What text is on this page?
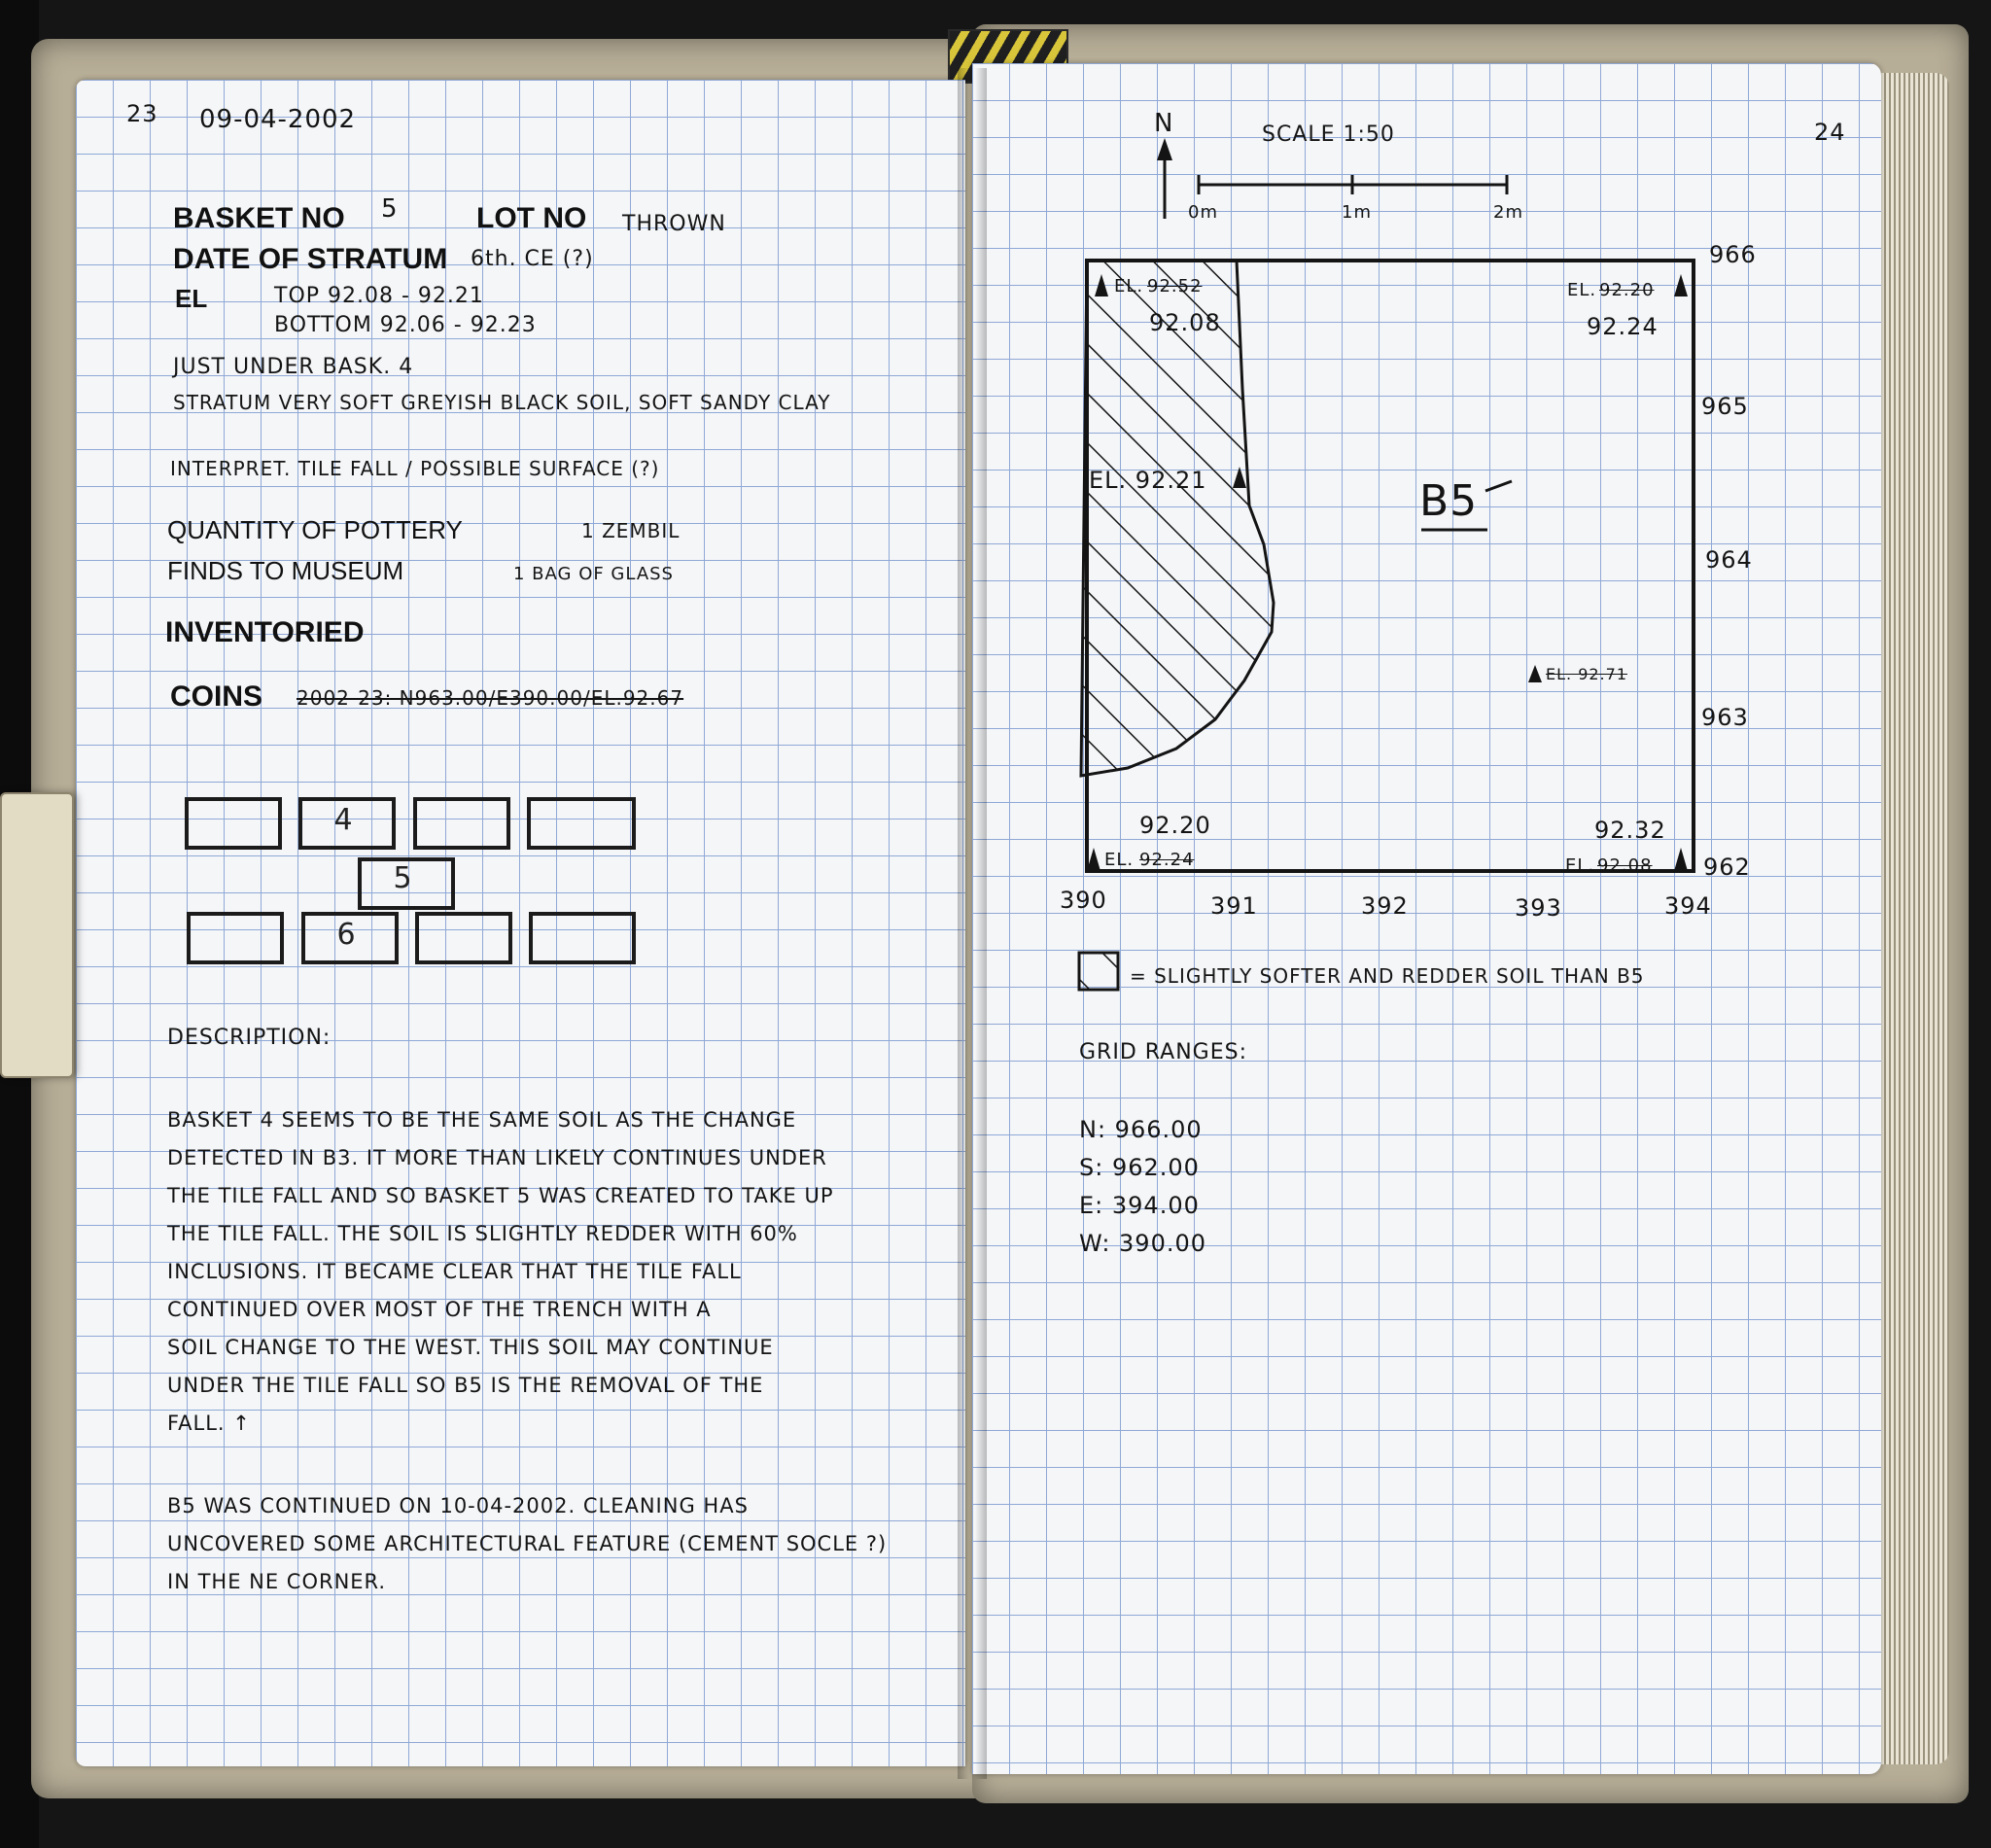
23 09-04-2002
BASKET NO 5	LOT NO THROWN
DATE OF STRATUM 6th. CE (?)
EL	TOP 92.08 - 92.21
BOTTOM 92.06 - 92.23
JUST UNDER BASK. 4
STRATUM VERY SOFT GREYISH BLACK SOIL, SOFT SANDY CLAY
INTERPRET. TILE FALL / POSSIBLE SURFACE (?)
QUANTITY OF POTTERY	1 ZEMBIL
FINDS TO MUSEUM	1 BAG OF GLASS
INVENTORIED
COINS 2002-23: N963.00/E390.00/EL.92.67
4
5
6
DESCRIPTION:
BASKET 4 SEEMS TO BE THE SAME SOIL AS THE CHANGE
DETECTED IN B3. IT MORE THAN LIKELY CONTINUES UNDER
THE TILE FALL AND SO BASKET 5 WAS CREATED TO TAKE UP
THE TILE FALL. THE SOIL IS SLIGHTLY REDDER WITH 60%
INCLUSIONS. IT BECAME CLEAR THAT THE TILE FALL
CONTINUED OVER MOST OF THE TRENCH WITH A
SOIL CHANGE TO THE WEST. THIS SOIL MAY CONTINUE
UNDER THE TILE FALL SO B5 IS THE REMOVAL OF THE
FALL. ↑
B5 WAS CONTINUED ON 10-04-2002. CLEANING HAS
UNCOVERED SOME ARCHITECTURAL FEATURE (CEMENT SOCLE ?)
IN THE NE CORNER.
24
N	SCALE 1:50
0m	1m	2m
966
965
964
963
962
390	391	392	393	394
EL. 92.52
92.08
EL. 92.20
92.24
EL. 92.21
EL. 92.71
92.20
EL. 92.24
92.32
EL. 92.08
B5
= SLIGHTLY SOFTER AND REDDER SOIL THAN B5
GRID RANGES:
N: 966.00
S: 962.00
E: 394.00
W: 390.00
